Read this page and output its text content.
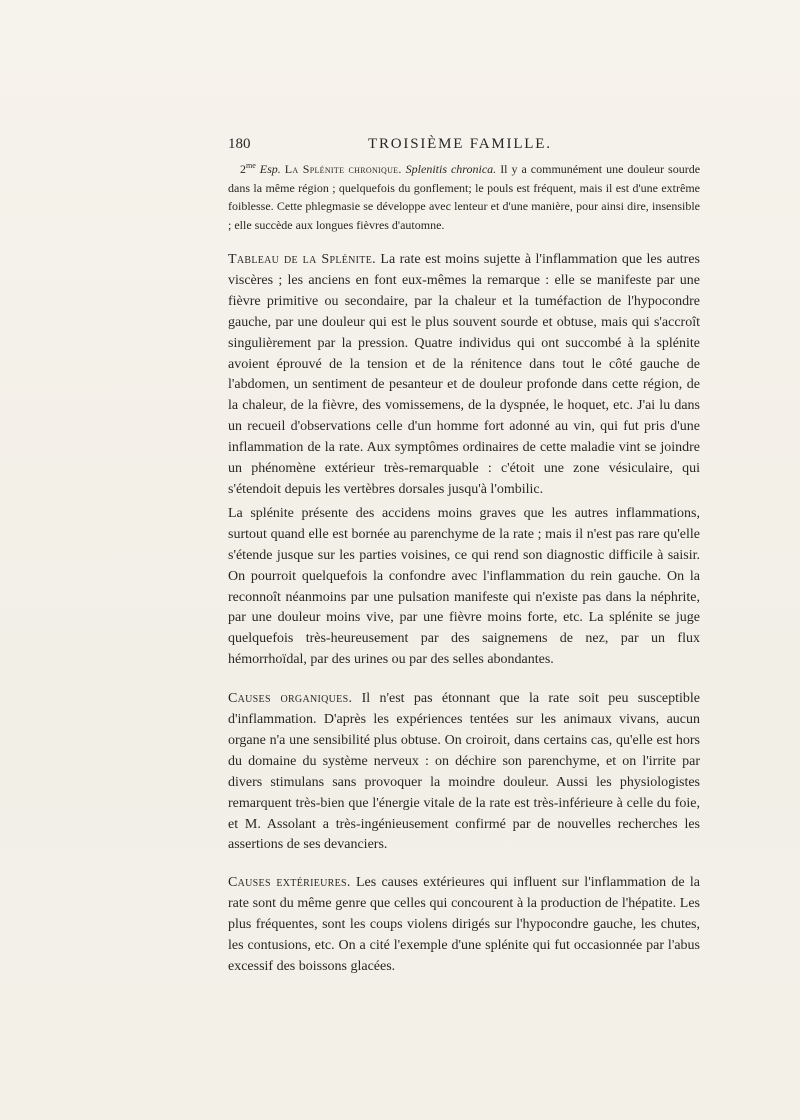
180	TROISIÈME FAMILLE.

$2^{me}$ Esp. La Splénite chronique. Splenitis chronica. Il y a communément une douleur sourde dans la même région ; quelquefois du gonflement; le pouls est fréquent, mais il est d'une extrême foiblesse. Cette phlegmasie se développe avec lenteur et d'une manière, pour ainsi dire, insensible ; elle succède aux longues fièvres d'automne.

Tableau de la Splénite. La rate est moins sujette à l'inflammation que les autres viscères ; les anciens en font eux-mêmes la remarque : elle se manifeste par une fièvre primitive ou secondaire, par la chaleur et la tuméfaction de l'hypocondre gauche, par une douleur qui est le plus souvent sourde et obtuse, mais qui s'accroît singulièrement par la pression. Quatre individus qui ont succombé à la splénite avoient éprouvé de la tension et de la rénitence dans tout le côté gauche de l'abdomen, un sentiment de pesanteur et de douleur profonde dans cette région, de la chaleur, de la fièvre, des vomissemens, de la dyspnée, le hoquet, etc. J'ai lu dans un recueil d'observations celle d'un homme fort adonné au vin, qui fut pris d'une inflammation de la rate. Aux symptômes ordinaires de cette maladie vint se joindre un phénomène extérieur très-remarquable : c'étoit une zone vésiculaire, qui s'étendoit depuis les vertèbres dorsales jusqu'à l'ombilic.

La splénite présente des accidens moins graves que les autres inflammations, surtout quand elle est bornée au parenchyme de la rate ; mais il n'est pas rare qu'elle s'étende jusque sur les parties voisines, ce qui rend son diagnostic difficile à saisir. On pourroit quelquefois la confondre avec l'inflammation du rein gauche. On la reconnoît néanmoins par une pulsation manifeste qui n'existe pas dans la néphrite, par une douleur moins vive, par une fièvre moins forte, etc. La splénite se juge quelquefois très-heureusement par des saignemens de nez, par un flux hémorrhoïdal, par des urines ou par des selles abondantes.

Causes organiques. Il n'est pas étonnant que la rate soit peu susceptible d'inflammation. D'après les expériences tentées sur les animaux vivans, aucun organe n'a une sensibilité plus obtuse. On croiroit, dans certains cas, qu'elle est hors du domaine du système nerveux : on déchire son parenchyme, et on l'irrite par divers stimulans sans provoquer la moindre douleur. Aussi les physiologistes remarquent très-bien que l'énergie vitale de la rate est très-inférieure à celle du foie, et M. Assolant a très-ingénieusement confirmé par de nouvelles recherches les assertions de ses devanciers.

Causes extérieures. Les causes extérieures qui influent sur l'inflammation de la rate sont du même genre que celles qui concourent à la production de l'hépatite. Les plus fréquentes, sont les coups violens dirigés sur l'hypocondre gauche, les chutes, les contusions, etc. On a cité l'exemple d'une splénite qui fut occasionnée par l'abus excessif des boissons glacées.
